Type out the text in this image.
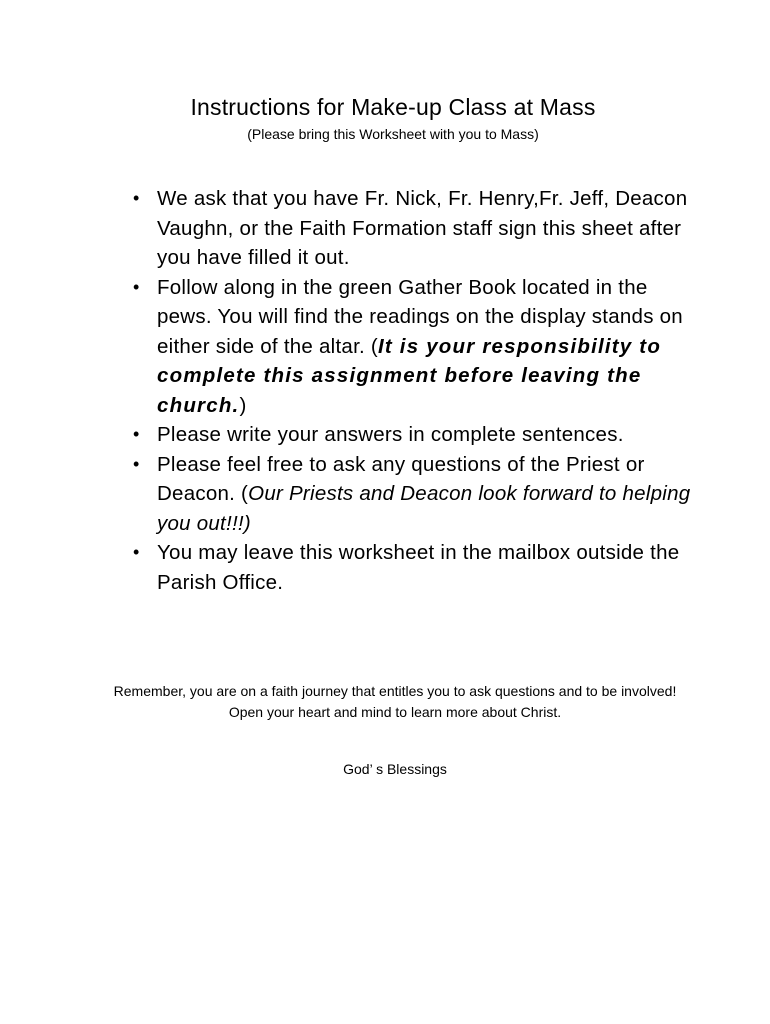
Instructions for Make-up Class at Mass

(Please bring this Worksheet with you to Mass)

• We ask that you have Fr. Nick, Fr. Henry,Fr. Jeff, Deacon Vaughn, or the Faith Formation staff sign this sheet after you have filled it out.
• Follow along in the green Gather Book located in the pews. You will find the readings on the display stands on either side of the altar. (It is your responsibility to complete this assignment before leaving the church.)
• Please write your answers in complete sentences.
• Please feel free to ask any questions of the Priest or Deacon. (Our Priests and Deacon look forward to helping you out!!!)
• You may leave this worksheet in the mailbox outside the Parish Office.

Remember, you are on a faith journey that entitles you to ask questions and to be involved! Open your heart and mind to learn more about Christ.

God’ s Blessings
